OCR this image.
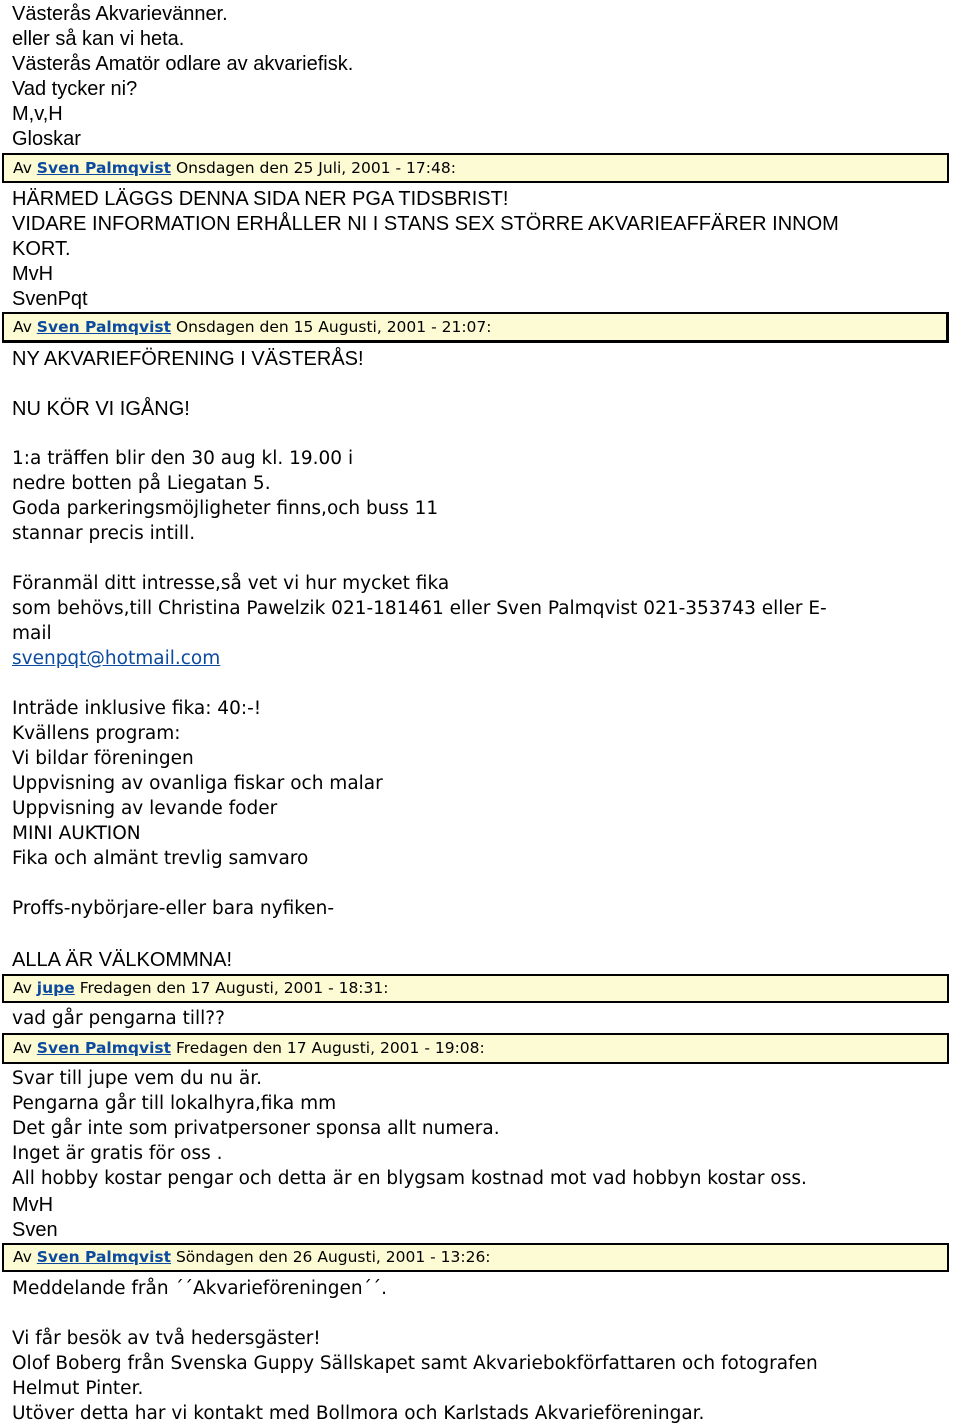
Västerås Akvarievänner.
eller så kan vi heta.
Västerås Amatör odlare av akvariefisk.
Vad tycker ni?
M,v,H
Gloskar
Av Sven Palmqvist Onsdagen den 25 Juli, 2001 - 17:48:
HÄRMED LÄGGS DENNA SIDA NER PGA TIDSBRIST!
VIDARE INFORMATION ERHÅLLER NI I STANS SEX STÖRRE AKVARIEAFFÄRER INNOM
KORT.
MvH
SvenPqt
Av Sven Palmqvist Onsdagen den 15 Augusti, 2001 - 21:07:
NY AKVARIEFÖRENING I VÄSTERÅS!
NU KÖR VI IGÅNG!
1:a träffen blir den 30 aug kl. 19.00 i
nedre botten på Liegatan 5.
Goda parkeringsmöjligheter finns,och buss 11
stannar precis intill.
Föranmäl ditt intresse,så vet vi hur mycket fika
som behövs,till Christina Pawelzik 021-181461 eller Sven Palmqvist 021-353743 eller E-
mail
svenpqt@hotmail.com
Inträde inklusive fika: 40:-!
Kvällens program:
Vi bildar föreningen
Uppvisning av ovanliga fiskar och malar
Uppvisning av levande foder
MINI AUKTION
Fika och almänt trevlig samvaro
Proffs-nybörjare-eller bara nyfiken-
ALLA ÄR VÄLKOMMNA!
Av jupe Fredagen den 17 Augusti, 2001 - 18:31:
vad går pengarna till??
Av Sven Palmqvist Fredagen den 17 Augusti, 2001 - 19:08:
Svar till jupe vem du nu är.
Pengarna går till lokalhyra,fika mm
Det går inte som privatpersoner sponsa allt numera.
Inget är gratis för oss .
All hobby kostar pengar och detta är en blygsam kostnad mot vad hobbyn kostar oss.
MvH
Sven
Av Sven Palmqvist Söndagen den 26 Augusti, 2001 - 13:26:
Meddelande från ´´Akvarieföreningen´´.
Vi får besök av två hedersgäster!
Olof Boberg från Svenska Guppy Sällskapet samt Akvariebokförfattaren och fotografen
Helmut Pinter.
Utöver detta har vi kontakt med Bollmora och Karlstads Akvarieföreningar.
